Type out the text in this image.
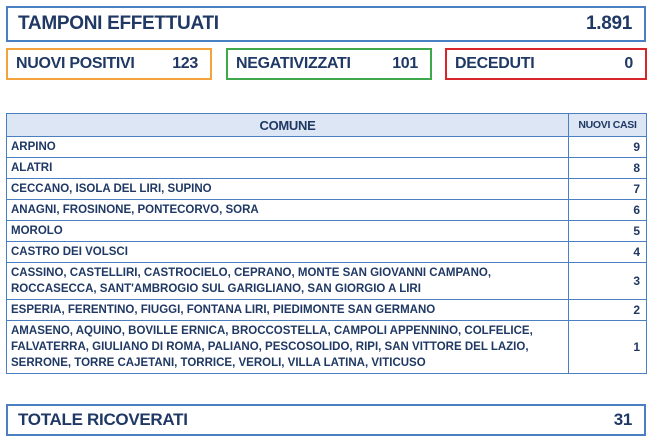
TAMPONI EFFETTUATI	1.891
NUOVI POSITIVI 123 NEGATIVIZZATI	101 DECEDUTI	0
COMUNE	NUOVI CASI
ARPINO	9
ALATRI	8
CECCANO, ISOLA DEL LIRI, SUPINO	7
ANAGNI, FROSINONE, PONTECORVO, SORA	6
MOROLO	5
CASTRO DEI VOLSCI	4
CASSINO, CASTELLIRI, CASTROCIELO, CEPRANO, MONTE SAN GIOVANNI CAMPANO, ROCCASECCA, SANT'AMBROGIO SUL GARIGLIANO, SAN GIORGIO A LIRI	3
ESPERIA, FERENTINO, FIUGGI, FONTANA LIRI, PIEDIMONTE SAN GERMANO	2
AMASENO, AQUINO, BOVILLE ERNICA, BROCCOSTELLA, CAMPOLI APPENNINO, COLFELICE, FALVATERRA, GIULIANO DI ROMA, PALIANO, PESCOSOLIDO, RIPI, SAN VITTORE DEL LAZIO, SERRONE, TORRE CAJETANI, TORRICE, VEROLI, VILLA LATINA, VITICUSO	1
TOTALE RICOVERATI	31
